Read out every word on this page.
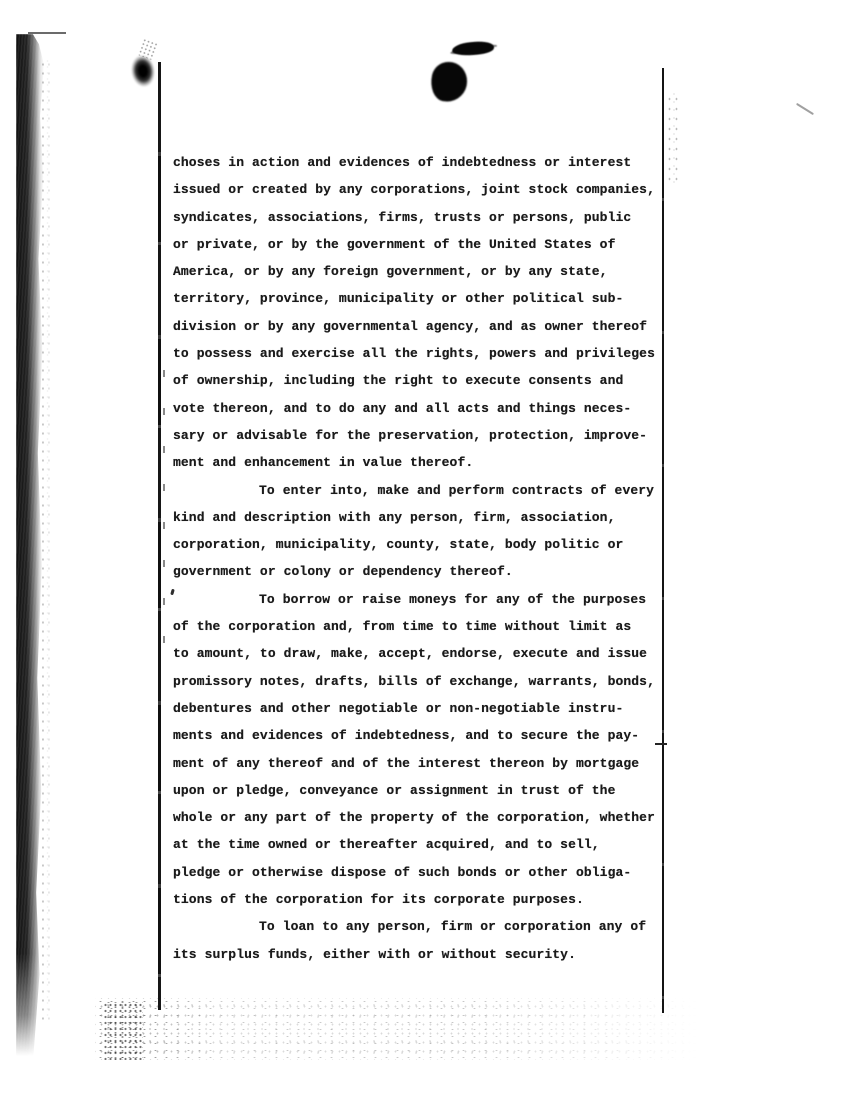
choses in action and evidences of indebtedness or interest
issued or created by any corporations, joint stock companies,
syndicates, associations, firms, trusts or persons, public
or private, or by the government of the United States of
America, or by any foreign government, or by any state,
territory, province, municipality or other political sub-
division or by any governmental agency, and as owner thereof
to possess and exercise all the rights, powers and privileges
of ownership, including the right to execute consents and
vote thereon, and to do any and all acts and things neces-
sary or advisable for the preservation, protection, improve-
ment and enhancement in value thereof.
To enter into, make and perform contracts of every
kind and description with any person, firm, association,
corporation, municipality, county, state, body politic or
government or colony or dependency thereof.
To borrow or raise moneys for any of the purposes
of the corporation and, from time to time without limit as
to amount, to draw, make, accept, endorse, execute and issue
promissory notes, drafts, bills of exchange, warrants, bonds,
debentures and other negotiable or non-negotiable instru-
ments and evidences of indebtedness, and to secure the pay-
ment of any thereof and of the interest thereon by mortgage
upon or pledge, conveyance or assignment in trust of the
whole or any part of the property of the corporation, whether
at the time owned or thereafter acquired, and to sell,
pledge or otherwise dispose of such bonds or other obliga-
tions of the corporation for its corporate purposes.
To loan to any person, firm or corporation any of
its surplus funds, either with or without security.
